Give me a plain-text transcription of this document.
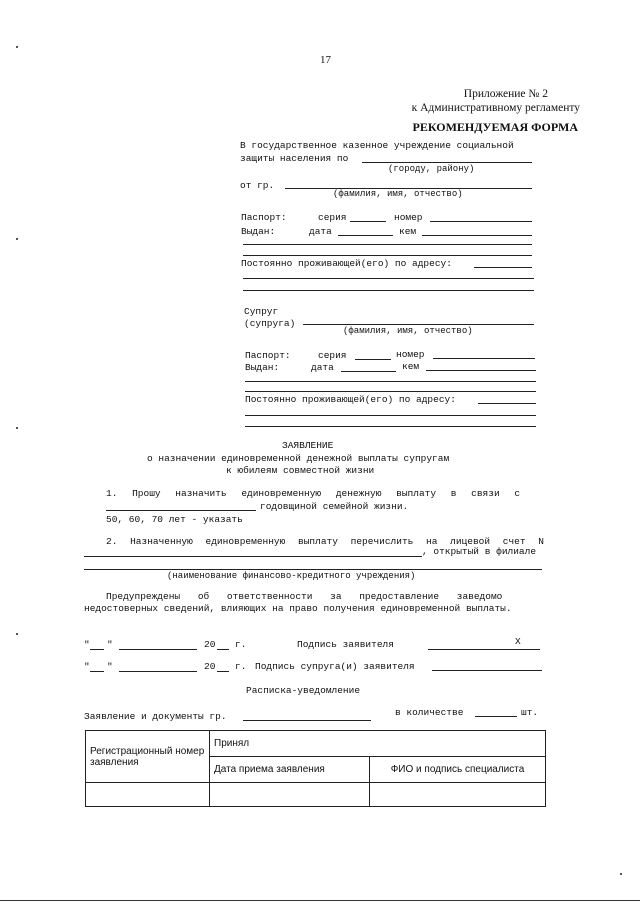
17
Приложение № 2
к Административному регламенту
РЕКОМЕНДУЕМАЯ ФОРМА
В государственное казенное учреждение социальной
защиты населения по
(городу, району)
от гр.
(фамилия, имя, отчество)
Паспорт:	серия	номер
Выдан:	дата	кем
Постоянно проживающей(его) по адресу:
Супруг
(супруга)
(фамилия, имя, отчество)
Паспорт:	серия	номер
Выдан:	дата	кем
Постоянно проживающей(его) по адресу:
ЗАЯВЛЕНИЕ
о назначении единовременной денежной выплаты супругам
к юбилеям совместной жизни
1. Прошу назначить единовременную денежную выплату в связи с
годовщиной семейной жизни.
50, 60, 70 лет - указать
2. Назначенную единовременную выплату перечислить на лицевой счет N
, открытый в филиале
(наименование финансово-кредитного учреждения)
Предупреждены об ответственности за предоставление заведомо
недостоверных сведений, влияющих на право получения единовременной выплаты.
" "	20 г.	Подпись заявителя	X
" "	20 г. Подпись супруга(и) заявителя
Расписка-уведомление
Заявление и документы гр.	в количестве	шт.
Регистрационный номер заявления	Принял	
	Дата приема заявления	ФИО и подпись специалиста
